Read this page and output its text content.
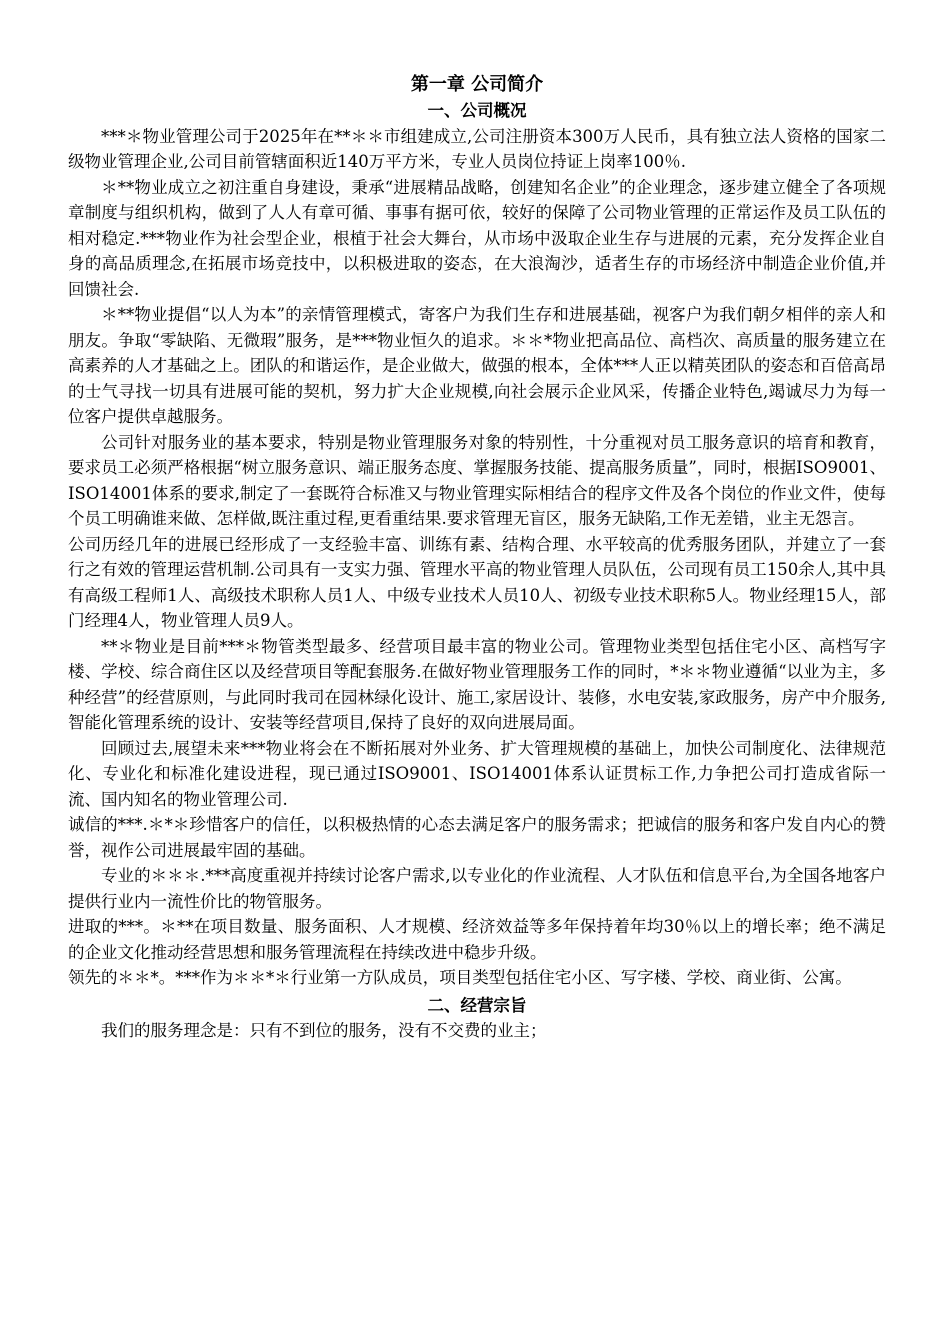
第一章 公司简介
一、公司概况

***＊物业管理公司于2025年在**＊＊市组建成立,公司注册资本300万人民币，具有独立法人资格的国家二级物业管理企业,公司目前管辖面积近140万平方米，专业人员岗位持证上岗率100％.

＊**物业成立之初注重自身建设，秉承“进展精品战略，创建知名企业”的企业理念，逐步建立健全了各项规章制度与组织机构，做到了人人有章可循、事事有据可依，较好的保障了公司物业管理的正常运作及员工队伍的相对稳定.***物业作为社会型企业，根植于社会大舞台，从市场中汲取企业生存与进展的元素，充分发挥企业自身的高品质理念,在拓展市场竞技中，以积极进取的姿态，在大浪淘沙，适者生存的市场经济中制造企业价值,并回馈社会.

＊**物业提倡“以人为本”的亲情管理模式，寄客户为我们生存和进展基础，视客户为我们朝夕相伴的亲人和朋友。争取“零缺陷、无微瑕”服务，是***物业恒久的追求。＊＊*物业把高品位、高档次、高质量的服务建立在高素养的人才基础之上。团队的和谐运作，是企业做大，做强的根本，全体***人正以精英团队的姿态和百倍高昂的士气寻找一切具有进展可能的契机，努力扩大企业规模,向社会展示企业风采，传播企业特色,竭诚尽力为每一位客户提供卓越服务。

公司针对服务业的基本要求，特别是物业管理服务对象的特别性，十分重视对员工服务意识的培育和教育，要求员工必须严格根据“树立服务意识、端正服务态度、掌握服务技能、提高服务质量”，同时，根据ISO9001、 ISO14001体系的要求,制定了一套既符合标准又与物业管理实际相结合的程序文件及各个岗位的作业文件，使每个员工明确谁来做、怎样做,既注重过程,更看重结果.要求管理无盲区，服务无缺陷,工作无差错，业主无怨言。

公司历经几年的进展已经形成了一支经验丰富、训练有素、结构合理、水平较高的优秀服务团队，并建立了一套行之有效的管理运营机制.公司具有一支实力强、管理水平高的物业管理人员队伍，公司现有员工150余人,其中具有高级工程师1人、高级技术职称人员1人、中级专业技术人员10人、初级专业技术职称5人。物业经理15人，部门经理4人，物业管理人员9人。

**＊物业是目前***＊物管类型最多、经营项目最丰富的物业公司。管理物业类型包括住宅小区、高档写字楼、学校、综合商住区以及经营项目等配套服务.在做好物业管理服务工作的同时，*＊＊物业遵循“以业为主，多种经营”的经营原则，与此同时我司在园林绿化设计、施工,家居设计、装修，水电安装,家政服务，房产中介服务,智能化管理系统的设计、安装等经营项目,保持了良好的双向进展局面。

回顾过去,展望未来***物业将会在不断拓展对外业务、扩大管理规模的基础上，加快公司制度化、法律规范化、专业化和标准化建设进程，现已通过ISO9001、ISO14001体系认证贯标工作,力争把公司打造成省际一流、国内知名的物业管理公司.

诚信的***.＊*＊珍惜客户的信任，以积极热情的心态去满足客户的服务需求；把诚信的服务和客户发自内心的赞誉，视作公司进展最牢固的基础。

专业的＊＊＊.***高度重视并持续讨论客户需求,以专业化的作业流程、人才队伍和信息平台,为全国各地客户提供行业内一流性价比的物管服务。

进取的***。＊**在项目数量、服务面积、人才规模、经济效益等多年保持着年均30％以上的增长率；绝不满足的企业文化推动经营思想和服务管理流程在持续改进中稳步升级。

领先的＊＊*。***作为＊＊*＊行业第一方队成员，项目类型包括住宅小区、写字楼、学校、商业街、公寓。

二、经营宗旨

我们的服务理念是：只有不到位的服务，没有不交费的业主；
